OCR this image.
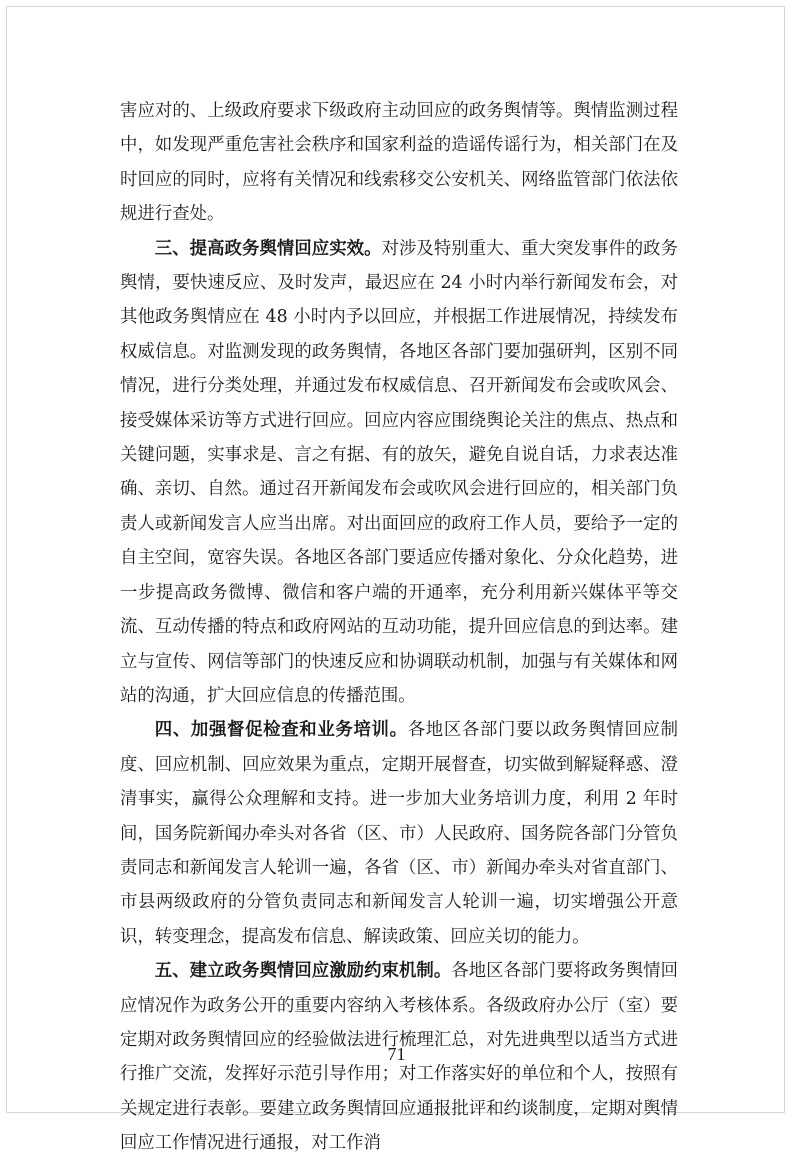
害应对的、上级政府要求下级政府主动回应的政务舆情等。舆情监测过程中，如发现严重危害社会秩序和国家利益的造谣传谣行为，相关部门在及时回应的同时，应将有关情况和线索移交公安机关、网络监管部门依法依规进行查处。

三、提高政务舆情回应实效。对涉及特别重大、重大突发事件的政务舆情，要快速反应、及时发声，最迟应在 24 小时内举行新闻发布会，对其他政务舆情应在 48 小时内予以回应，并根据工作进展情况，持续发布权威信息。对监测发现的政务舆情，各地区各部门要加强研判，区别不同情况，进行分类处理，并通过发布权威信息、召开新闻发布会或吹风会、接受媒体采访等方式进行回应。回应内容应围绕舆论关注的焦点、热点和关键问题，实事求是、言之有据、有的放矢，避免自说自话，力求表达准确、亲切、自然。通过召开新闻发布会或吹风会进行回应的，相关部门负责人或新闻发言人应当出席。对出面回应的政府工作人员，要给予一定的自主空间，宽容失误。各地区各部门要适应传播对象化、分众化趋势，进一步提高政务微博、微信和客户端的开通率，充分利用新兴媒体平等交流、互动传播的特点和政府网站的互动功能，提升回应信息的到达率。建立与宣传、网信等部门的快速反应和协调联动机制，加强与有关媒体和网站的沟通，扩大回应信息的传播范围。

四、加强督促检查和业务培训。各地区各部门要以政务舆情回应制度、回应机制、回应效果为重点，定期开展督查，切实做到解疑释惑、澄清事实，赢得公众理解和支持。进一步加大业务培训力度，利用 2 年时间，国务院新闻办牵头对各省（区、市）人民政府、国务院各部门分管负责同志和新闻发言人轮训一遍，各省（区、市）新闻办牵头对省直部门、市县两级政府的分管负责同志和新闻发言人轮训一遍，切实增强公开意识，转变理念，提高发布信息、解读政策、回应关切的能力。

五、建立政务舆情回应激励约束机制。各地区各部门要将政务舆情回应情况作为政务公开的重要内容纳入考核体系。各级政府办公厅（室）要定期对政务舆情回应的经验做法进行梳理汇总，对先进典型以适当方式进行推广交流，发挥好示范引导作用；对工作落实好的单位和个人，按照有关规定进行表彰。要建立政务舆情回应通报批评和约谈制度，定期对舆情回应工作情况进行通报，对工作消

71
